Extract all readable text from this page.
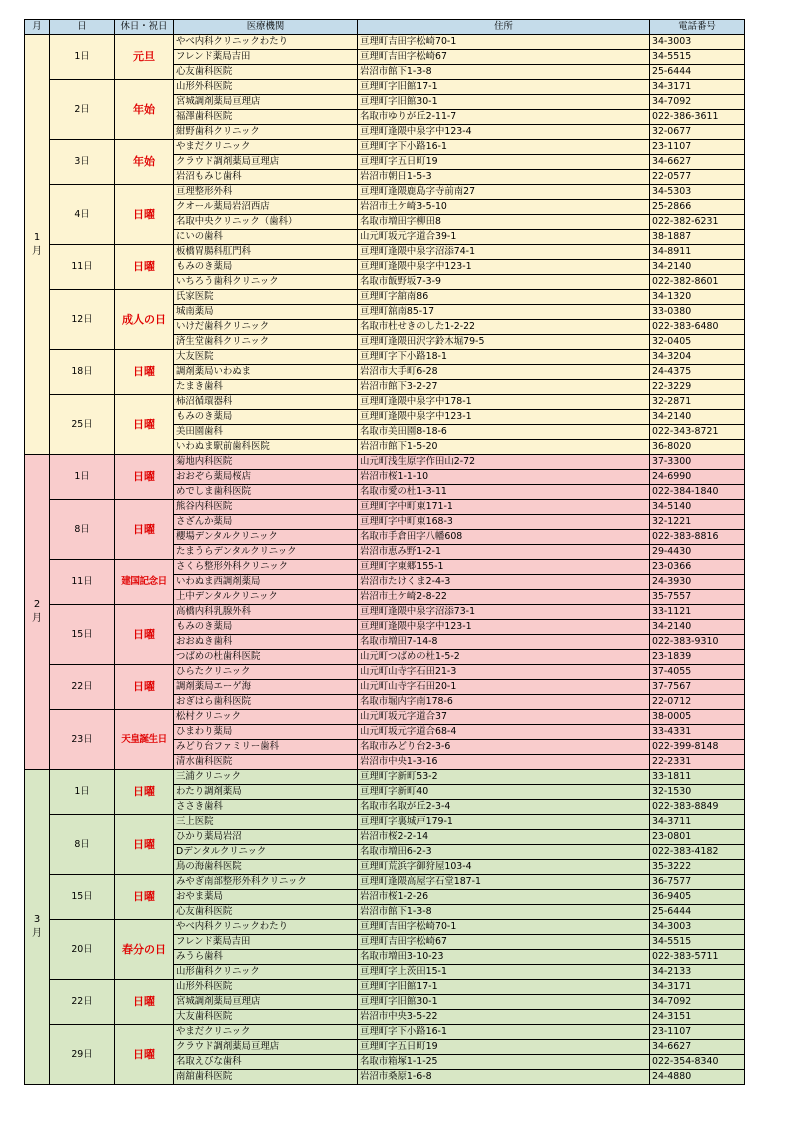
月	日	休日・祝日	医療機関	住所	電話番号

1
月	1日	元旦	やべ内科クリニックわたり	亘理町吉田字松崎70-1	34-3003
			フレンド薬局吉田	亘理町吉田字松崎67	34-5515
			心友歯科医院	岩沼市館下1-3-8	25-6444
	2日	年始	山形外科医院	亘理町字旧館17-1	34-3171
			宮城調剤薬局亘理店	亘理町字旧館30-1	34-7092
			福澤歯科医院	名取市ゆりが丘2-11-7	022-386-3611
			紺野歯科クリニック	亘理町逢隈中泉字中123-4	32-0677
	3日	年始	やまだクリニック	亘理町字下小路16-1	23-1107
			クラウド調剤薬局亘理店	亘理町字五日町19	34-6627
			岩沼もみじ歯科	岩沼市朝日1-5-3	22-0577
	4日	日曜	亘理整形外科	亘理町逢隈鹿島字寺前南27	34-5303
			クオール薬局岩沼西店	岩沼市土ケ崎3-5-10	25-2866
			名取中央クリニック（歯科）	名取市増田字柳田8	022-382-6231
			にいの歯科	山元町坂元字道合39-1	38-1887
	11日	日曜	板橋胃腸科肛門科	亘理町逢隈中泉字沼添74-1	34-8911
			もみのき薬局	亘理町逢隈中泉字中123-1	34-2140
			いちろう歯科クリニック	名取市飯野坂7-3-9	022-382-8601
	12日	成人の日	氏家医院	亘理町字舘南86	34-1320
			城南薬局	亘理町舘南85-17	33-0380
			いけだ歯科クリニック	名取市杜せきのした1-2-22	022-383-6480
			済生堂歯科クリニック	亘理町逢隈田沢字鈴木堀79-5	32-0405
	18日	日曜	大友医院	亘理町字下小路18-1	34-3204
			調剤薬局いわぬま	岩沼市大手町6-28	24-4375
			たまき歯科	岩沼市館下3-2-27	22-3229
	25日	日曜	柿沼循環器科	亘理町逢隈中泉字中178-1	32-2871
			もみのき薬局	亘理町逢隈中泉字中123-1	34-2140
			美田園歯科	名取市美田園8-18-6	022-343-8721
			いわぬま駅前歯科医院	岩沼市館下1-5-20	36-8020

2
月	1日	日曜	菊地内科医院	山元町浅生原字作田山2-72	37-3300
			おおぞら薬局桜店	岩沼市桜1-1-10	24-6990
			めでしま歯科医院	名取市愛の杜1-3-11	022-384-1840
	8日	日曜	熊谷内科医院	亘理町字中町東171-1	34-5140
			さざんか薬局	亘理町字中町東168-3	32-1221
			櫻場デンタルクリニック	名取市手倉田字八幡608	022-383-8816
			たまうらデンタルクリニック	岩沼市恵み野1-2-1	29-4430
	11日	建国記念日	さくら整形外科クリニック	亘理町字東郷155-1	23-0366
			いわぬま西調剤薬局	岩沼市たけくま2-4-3	24-3930
			上中デンタルクリニック	岩沼市土ケ崎2-8-22	35-7557
	15日	日曜	高橋内科乳腺外科	亘理町逢隈中泉字沼添73-1	33-1121
			もみのき薬局	亘理町逢隈中泉字中123-1	34-2140
			おおぬき歯科	名取市増田7-14-8	022-383-9310
			つばめの杜歯科医院	山元町つばめの杜1-5-2	23-1839
	22日	日曜	ひらたクリニック	山元町山寺字石田21-3	37-4055
			調剤薬局エーゲ海	山元町山寺字石田20-1	37-7567
			おぎはら歯科医院	名取市堀内字南178-6	22-0712
	23日	天皇誕生日	松村クリニック	山元町坂元字道合37	38-0005
			ひまわり薬局	山元町坂元字道合68-4	33-4331
			みどり台ファミリー歯科	名取市みどり台2-3-6	022-399-8148
			清水歯科医院	岩沼市中央1-3-16	22-2331

3
月	1日	日曜	三浦クリニック	亘理町字新町53-2	33-1811
			わたり調剤薬局	亘理町字新町40	32-1530
			ささき歯科	名取市名取が丘2-3-4	022-383-8849
	8日	日曜	三上医院	亘理町字裏城戸179-1	34-3711
			ひかり薬局岩沼	岩沼市桜2-2-14	23-0801
			Dデンタルクリニック	名取市増田6-2-3	022-383-4182
			鳥の海歯科医院	亘理町荒浜字御狩屋103-4	35-3222
	15日	日曜	みやぎ南部整形外科クリニック	亘理町逢隈高屋字石堂187-1	36-7577
			おやま薬局	岩沼市桜1-2-26	36-9405
			心友歯科医院	岩沼市館下1-3-8	25-6444
	20日	春分の日	やべ内科クリニックわたり	亘理町吉田字松崎70-1	34-3003
			フレンド薬局吉田	亘理町吉田字松崎67	34-5515
			みうら歯科	名取市増田3-10-23	022-383-5711
			山形歯科クリニック	亘理町字上茨田15-1	34-2133
	22日	日曜	山形外科医院	亘理町字旧館17-1	34-3171
			宮城調剤薬局亘理店	亘理町字旧館30-1	34-7092
			大友歯科医院	岩沼市中央3-5-22	24-3151
	29日	日曜	やまだクリニック	亘理町字下小路16-1	23-1107
			クラウド調剤薬局亘理店	亘理町字五日町19	34-6627
			名取えびな歯科	名取市箱塚1-1-25	022-354-8340
			南舘歯科医院	岩沼市桑原1-6-8	24-4880
